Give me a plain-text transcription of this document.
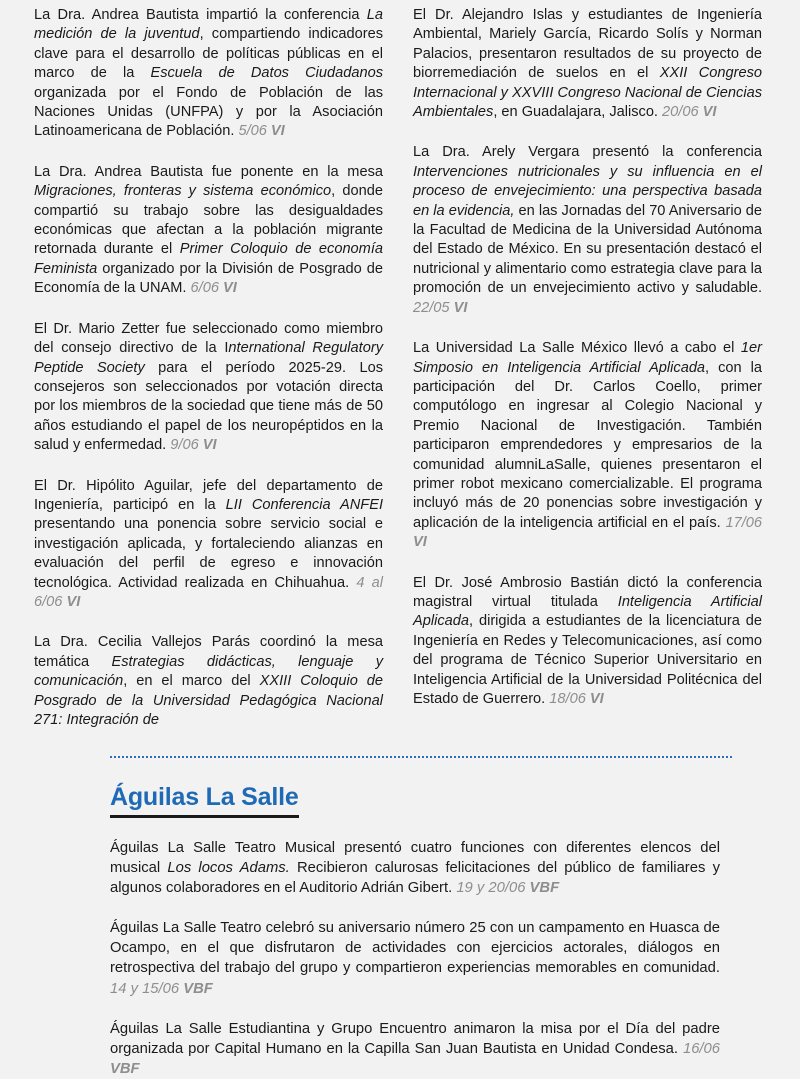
La Dra. Andrea Bautista impartió la conferencia La medición de la juventud, compartiendo indicadores clave para el desarrollo de políticas públicas en el marco de la Escuela de Datos Ciudadanos organizada por el Fondo de Población de las Naciones Unidas (UNFPA) y por la Asociación Latinoamericana de Población. 5/06 VI
La Dra. Andrea Bautista fue ponente en la mesa Migraciones, fronteras y sistema económico, donde compartió su trabajo sobre las desigualdades económicas que afectan a la población migrante retornada durante el Primer Coloquio de economía Feminista organizado por la División de Posgrado de Economía de la UNAM. 6/06 VI
El Dr. Mario Zetter fue seleccionado como miembro del consejo directivo de la International Regulatory Peptide Society para el período 2025-29. Los consejeros son seleccionados por votación directa por los miembros de la sociedad que tiene más de 50 años estudiando el papel de los neuropéptidos en la salud y enfermedad. 9/06 VI
El Dr. Hipólito Aguilar, jefe del departamento de Ingeniería, participó en la LII Conferencia ANFEI presentando una ponencia sobre servicio social e investigación aplicada, y fortaleciendo alianzas en evaluación del perfil de egreso e innovación tecnológica. Actividad realizada en Chihuahua. 4 al 6/06 VI
La Dra. Cecilia Vallejos Parás coordinó la mesa temática Estrategias didácticas, lenguaje y comunicación, en el marco del XXIII Coloquio de Posgrado de la Universidad Pedagógica Nacional 271: Integración de
El Dr. Alejandro Islas y estudiantes de Ingeniería Ambiental, Mariely García, Ricardo Solís y Norman Palacios, presentaron resultados de su proyecto de biorremediación de suelos en el XXII Congreso Internacional y XXVIII Congreso Nacional de Ciencias Ambientales, en Guadalajara, Jalisco. 20/06 VI
La Dra. Arely Vergara presentó la conferencia Intervenciones nutricionales y su influencia en el proceso de envejecimiento: una perspectiva basada en la evidencia, en las Jornadas del 70 Aniversario de la Facultad de Medicina de la Universidad Autónoma del Estado de México. En su presentación destacó el nutricional y alimentario como estrategia clave para la promoción de un envejecimiento activo y saludable. 22/05 VI
La Universidad La Salle México llevó a cabo el 1er Simposio en Inteligencia Artificial Aplicada, con la participación del Dr. Carlos Coello, primer computólogo en ingresar al Colegio Nacional y Premio Nacional de Investigación. También participaron emprendedores y empresarios de la comunidad alumniLaSalle, quienes presentaron el primer robot mexicano comercializable. El programa incluyó más de 20 ponencias sobre investigación y aplicación de la inteligencia artificial en el país. 17/06 VI
El Dr. José Ambrosio Bastián dictó la conferencia magistral virtual titulada Inteligencia Artificial Aplicada, dirigida a estudiantes de la licenciatura de Ingeniería en Redes y Telecomunicaciones, así como del programa de Técnico Superior Universitario en Inteligencia Artificial de la Universidad Politécnica del Estado de Guerrero. 18/06 VI
Águilas La Salle
Águilas La Salle Teatro Musical presentó cuatro funciones con diferentes elencos del musical Los locos Adams. Recibieron calurosas felicitaciones del público de familiares y algunos colaboradores en el Auditorio Adrián Gibert. 19 y 20/06 VBF
Águilas La Salle Teatro celebró su aniversario número 25 con un campamento en Huasca de Ocampo, en el que disfrutaron de actividades con ejercicios actorales, diálogos en retrospectiva del trabajo del grupo y compartieron experiencias memorables en comunidad. 14 y 15/06 VBF
Águilas La Salle Estudiantina y Grupo Encuentro animaron la misa por el Día del padre organizada por Capital Humano en la Capilla San Juan Bautista en Unidad Condesa. 16/06 VBF
